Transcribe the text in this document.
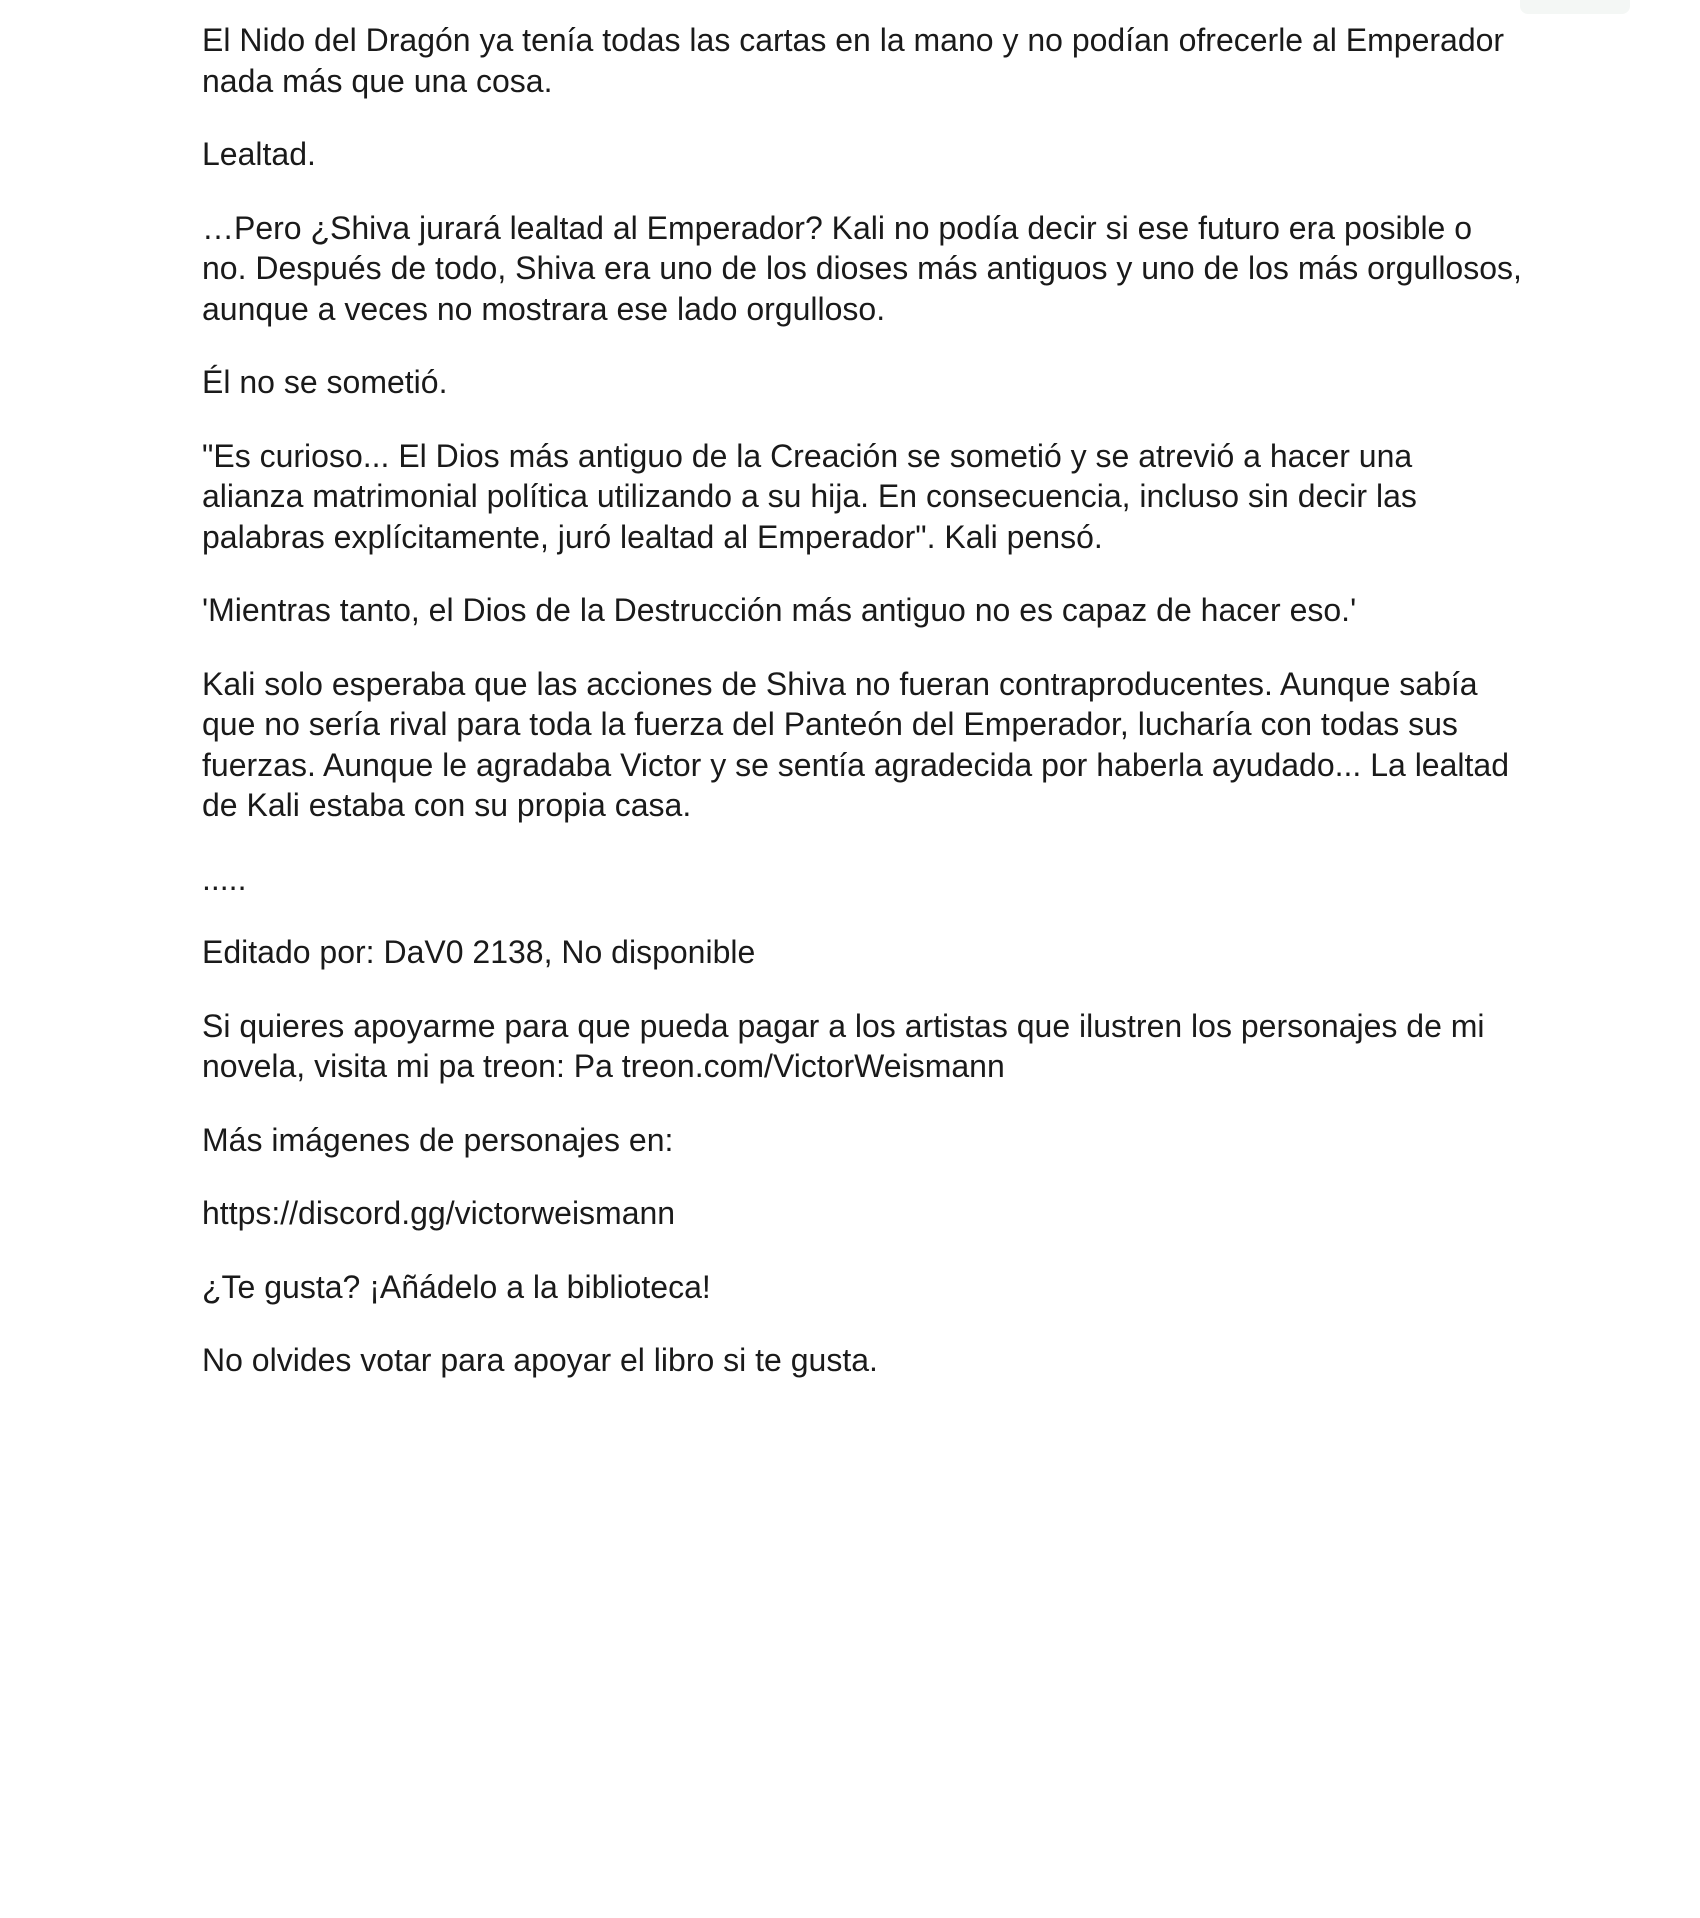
El Nido del Dragón ya tenía todas las cartas en la mano y no podían ofrecerle al Emperador nada más que una cosa.

Lealtad.

…Pero ¿Shiva jurará lealtad al Emperador? Kali no podía decir si ese futuro era posible o no. Después de todo, Shiva era uno de los dioses más antiguos y uno de los más orgullosos, aunque a veces no mostrara ese lado orgulloso.

Él no se sometió.

"Es curioso... El Dios más antiguo de la Creación se sometió y se atrevió a hacer una alianza matrimonial política utilizando a su hija. En consecuencia, incluso sin decir las palabras explícitamente, juró lealtad al Emperador". Kali pensó.

'Mientras tanto, el Dios de la Destrucción más antiguo no es capaz de hacer eso.'

Kali solo esperaba que las acciones de Shiva no fueran contraproducentes. Aunque sabía que no sería rival para toda la fuerza del Panteón del Emperador, lucharía con todas sus fuerzas. Aunque le agradaba Victor y se sentía agradecida por haberla ayudado... La lealtad de Kali estaba con su propia casa.

.....

Editado por: DaV0 2138, No disponible

Si quieres apoyarme para que pueda pagar a los artistas que ilustren los personajes de mi novela, visita mi pa treon: Pa treon.com/VictorWeismann

Más imágenes de personajes en:

https://discord.gg/victorweismann

¿Te gusta? ¡Añádelo a la biblioteca!

No olvides votar para apoyar el libro si te gusta.
